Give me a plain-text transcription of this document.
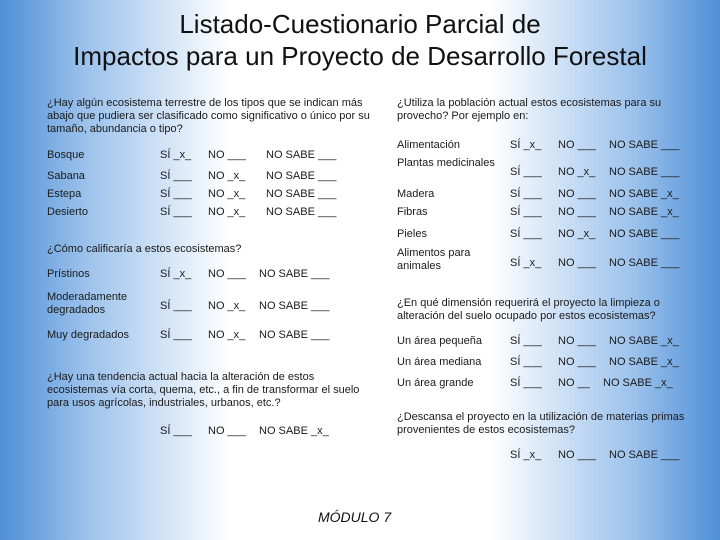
Listado-Cuestionario Parcial de
Impactos para un Proyecto de Desarrollo Forestal
¿Hay algún ecosistema terrestre de los tipos que se indican más abajo que pudiera ser clasificado como significativo o único por su tamaño, abundancia o tipo?
Bosque	SÍ _x_ NO ___ NO SABE ___
Sabana	SÍ ___ NO _x_ NO SABE ___
Estepa	SÍ ___ NO _x_ NO SABE ___
Desierto	SÍ ___ NO _x_ NO SABE ___
¿Cómo calificaría a estos ecosistemas?
Prístinos	SÍ _x_ NO ___ NO SABE ___
Moderadamente degradados	SÍ ___ NO _x_ NO SABE ___
Muy degradados	SÍ ___ NO _x_ NO SABE ___
¿Hay una tendencia actual hacia la alteración de estos ecosistemas vía corta, quema, etc., a fin de transformar el suelo para usos agrícolas, industriales, urbanos, etc.?
SÍ ___ NO ___ NO SABE _x_
¿Utiliza la población actual estos ecosistemas para su provecho? Por ejemplo en:
Alimentación	SÍ _x_ NO ___ NO SABE ___
Plantas medicinales
SÍ ___ NO _x_ NO SABE ___
Madera	SÍ ___ NO ___ NO SABE _x_
Fibras	SÍ ___ NO ___ NO SABE _x_
Pieles	SÍ ___ NO _x_ NO SABE ___
Alimentos para animales	SÍ _x_ NO ___ NO SABE ___
¿En qué dimensión requerirá el proyecto la limpieza o alteración del suelo ocupado por estos ecosistemas?
Un área pequeña	SÍ ___ NO ___ NO SABE _x_
Un área mediana	SÍ ___ NO ___ NO SABE _x_
Un área grande	SÍ ___ NO __ NO SABE _x_
¿Descansa el proyecto en la utilización de materias primas provenientes de estos ecosistemas?
SÍ _x_ NO ___ NO SABE ___
MÓDULO 7
